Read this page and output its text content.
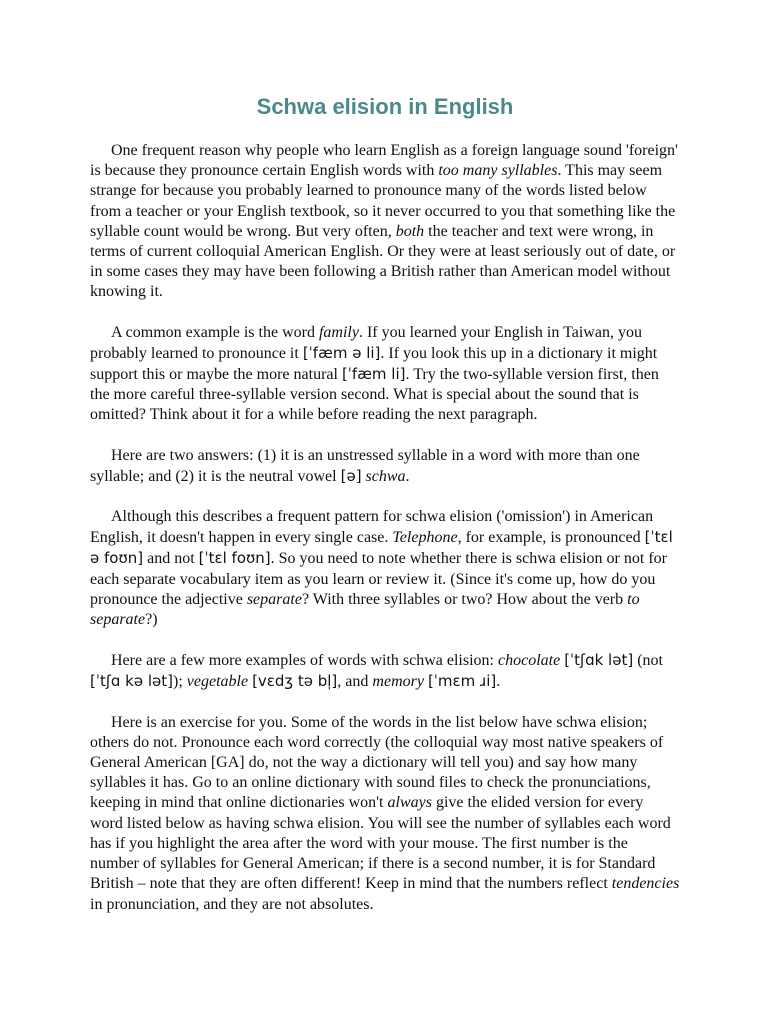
Schwa elision in English

One frequent reason why people who learn English as a foreign language sound 'foreign' is because they pronounce certain English words with too many syllables. This may seem strange for because you probably learned to pronounce many of the words listed below from a teacher or your English textbook, so it never occurred to you that something like the syllable count would be wrong. But very often, both the teacher and text were wrong, in terms of current colloquial American English. Or they were at least seriously out of date, or in some cases they may have been following a British rather than American model without knowing it.

A common example is the word family. If you learned your English in Taiwan, you probably learned to pronounce it [ˈfæm ə li]. If you look this up in a dictionary it might support this or maybe the more natural [ˈfæm li]. Try the two-syllable version first, then the more careful three-syllable version second. What is special about the sound that is omitted? Think about it for a while before reading the next paragraph.

Here are two answers: (1) it is an unstressed syllable in a word with more than one syllable; and (2) it is the neutral vowel [ə] schwa.

Although this describes a frequent pattern for schwa elision ('omission') in American English, it doesn't happen in every single case. Telephone, for example, is pronounced [ˈtɛl ə foʊn] and not [ˈtɛl foʊn]. So you need to note whether there is schwa elision or not for each separate vocabulary item as you learn or review it. (Since it's come up, how do you pronounce the adjective separate? With three syllables or two? How about the verb to separate?)

Here are a few more examples of words with schwa elision: chocolate [ˈtʃɑk lət] (not [ˈtʃɑ kə lət]); vegetable [vɛdʒ tə bl̩], and memory [ˈmɛm ɹi].

Here is an exercise for you. Some of the words in the list below have schwa elision; others do not. Pronounce each word correctly (the colloquial way most native speakers of General American [GA] do, not the way a dictionary will tell you) and say how many syllables it has. Go to an online dictionary with sound files to check the pronunciations, keeping in mind that online dictionaries won't always give the elided version for every word listed below as having schwa elision. You will see the number of syllables each word has if you highlight the area after the word with your mouse. The first number is the number of syllables for General American; if there is a second number, it is for Standard British – note that they are often different! Keep in mind that the numbers reflect tendencies in pronunciation, and they are not absolutes.
